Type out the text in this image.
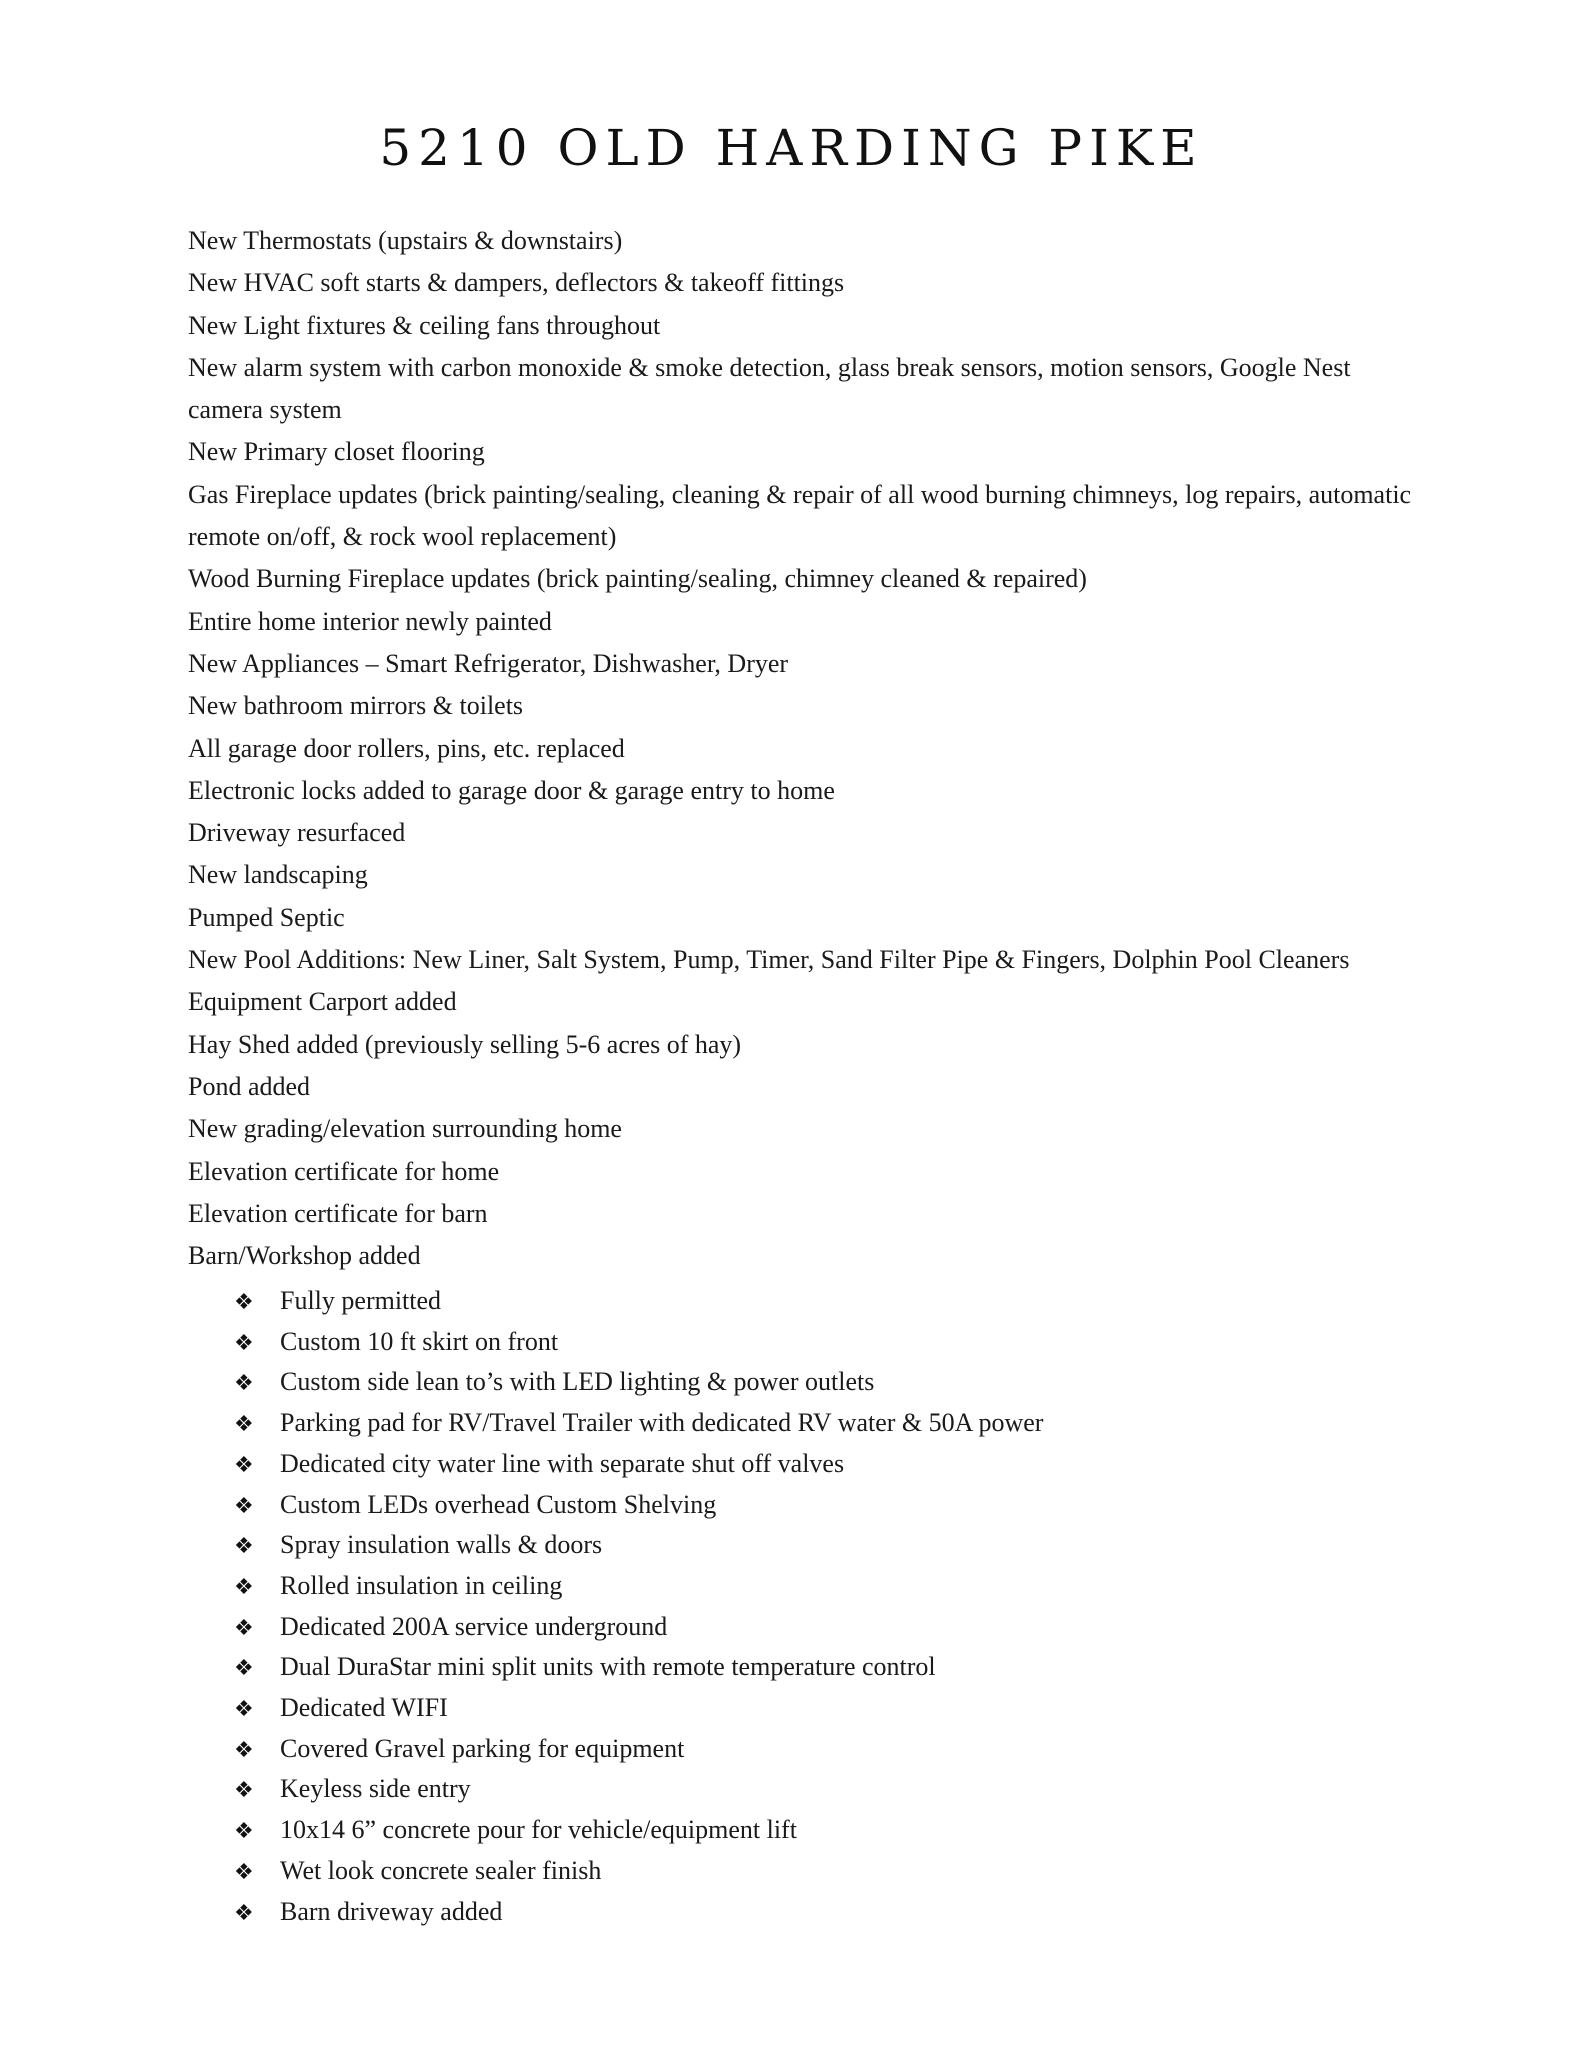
5210 OLD HARDING PIKE
New Thermostats (upstairs & downstairs)
New HVAC soft starts & dampers, deflectors & takeoff fittings
New Light fixtures & ceiling fans throughout
New alarm system with carbon monoxide & smoke detection, glass break sensors, motion sensors, Google Nest camera system
New Primary closet flooring
Gas Fireplace updates (brick painting/sealing, cleaning & repair of all wood burning chimneys, log repairs, automatic remote on/off, & rock wool replacement)
Wood Burning Fireplace updates (brick painting/sealing, chimney cleaned & repaired)
Entire home interior newly painted
New Appliances – Smart Refrigerator, Dishwasher, Dryer
New bathroom mirrors & toilets
All garage door rollers, pins, etc. replaced
Electronic locks added to garage door & garage entry to home
Driveway resurfaced
New landscaping
Pumped Septic
New Pool Additions: New Liner, Salt System, Pump, Timer, Sand Filter Pipe & Fingers, Dolphin Pool Cleaners
Equipment Carport added
Hay Shed added (previously selling 5-6 acres of hay)
Pond added
New grading/elevation surrounding home
Elevation certificate for home
Elevation certificate for barn
Barn/Workshop added
❖	Fully permitted
❖	Custom 10 ft skirt on front
❖	Custom side lean to’s with LED lighting & power outlets
❖	Parking pad for RV/Travel Trailer with dedicated RV water & 50A power
❖	Dedicated city water line with separate shut off valves
❖	Custom LEDs overhead Custom Shelving
❖	Spray insulation walls & doors
❖	Rolled insulation in ceiling
❖	Dedicated 200A service underground
❖	Dual DuraStar mini split units with remote temperature control
❖	Dedicated WIFI
❖	Covered Gravel parking for equipment
❖	Keyless side entry
❖	10x14 6” concrete pour for vehicle/equipment lift
❖	Wet look concrete sealer finish
❖	Barn driveway added
